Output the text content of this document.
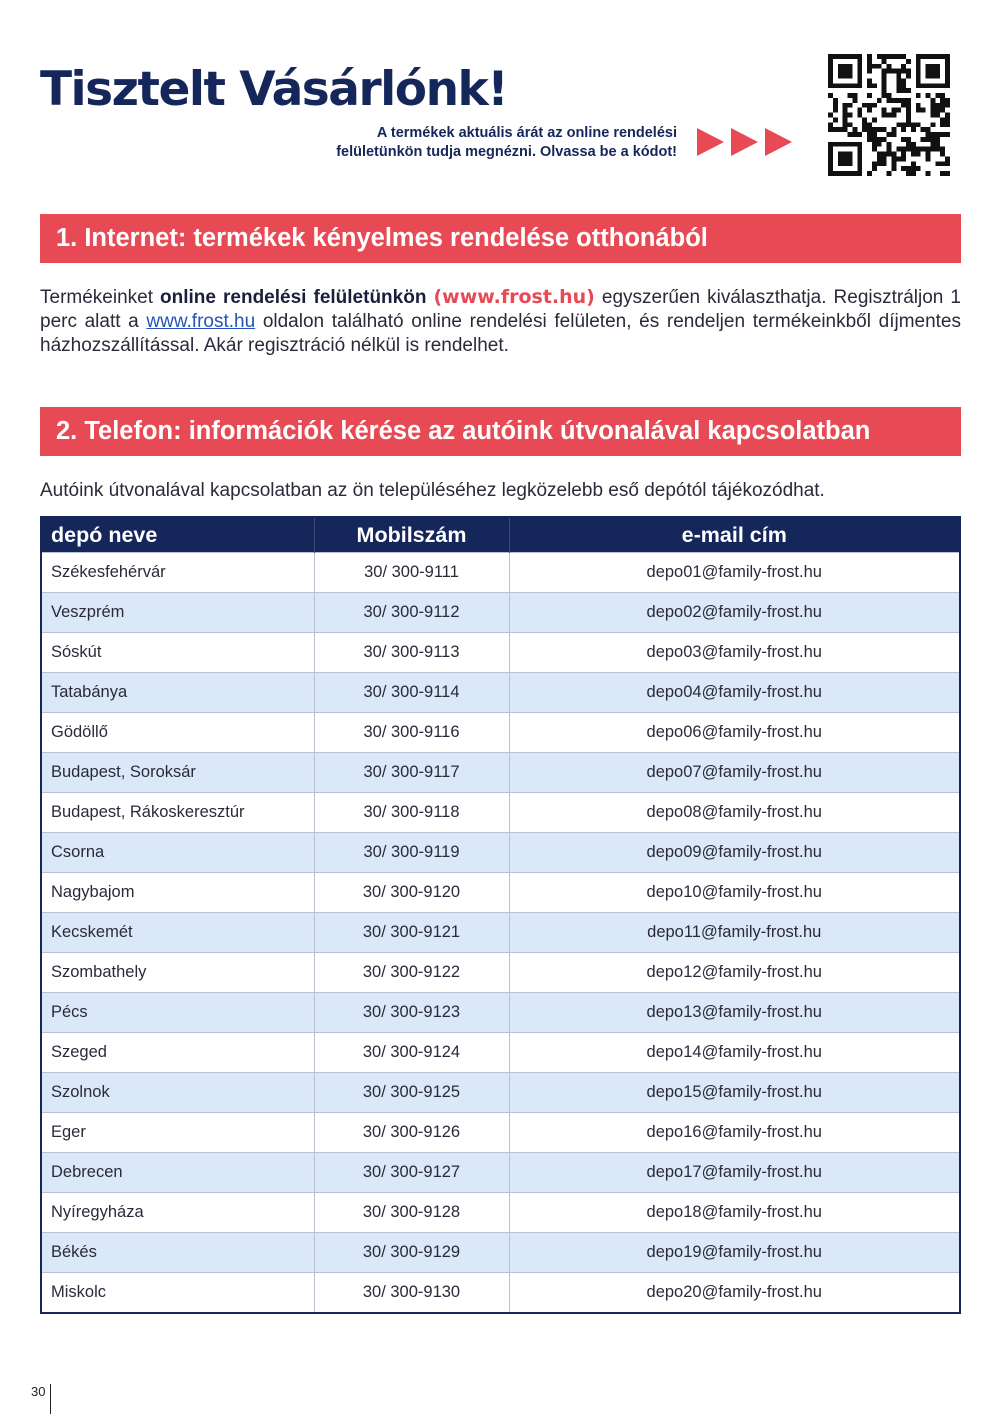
Tisztelt Vásárlónk!
A termékek aktuális árát az online rendelési
felületünkön tudja megnézni. Olvassa be a kódot!
1. Internet: termékek kényelmes rendelése otthonából

Termékeinket online rendelési felületünkön (www.frost.hu) egyszerűen kiválaszthatja. Regisztráljon 1 perc alatt a www.frost.hu oldalon található online rendelési felületen, és rendeljen termékeinkből díjmentes házhozszállítással. Akár regisztráció nélkül is rendelhet.

2. Telefon: információk kérése az autóink útvonalával kapcsolatban

Autóink útvonalával kapcsolatban az ön településéhez legközelebb eső depótól tájékozódhat.

depó neve	Mobilszám	e-mail cím
Székesfehérvár	30/ 300-9111	depo01@family-frost.hu
Veszprém	30/ 300-9112	depo02@family-frost.hu
Sóskút	30/ 300-9113	depo03@family-frost.hu
Tatabánya	30/ 300-9114	depo04@family-frost.hu
Gödöllő	30/ 300-9116	depo06@family-frost.hu
Budapest, Soroksár	30/ 300-9117	depo07@family-frost.hu
Budapest, Rákoskeresztúr	30/ 300-9118	depo08@family-frost.hu
Csorna	30/ 300-9119	depo09@family-frost.hu
Nagybajom	30/ 300-9120	depo10@family-frost.hu
Kecskemét	30/ 300-9121	depo11@family-frost.hu
Szombathely	30/ 300-9122	depo12@family-frost.hu
Pécs	30/ 300-9123	depo13@family-frost.hu
Szeged	30/ 300-9124	depo14@family-frost.hu
Szolnok	30/ 300-9125	depo15@family-frost.hu
Eger	30/ 300-9126	depo16@family-frost.hu
Debrecen	30/ 300-9127	depo17@family-frost.hu
Nyíregyháza	30/ 300-9128	depo18@family-frost.hu
Békés	30/ 300-9129	depo19@family-frost.hu
Miskolc	30/ 300-9130	depo20@family-frost.hu
30
